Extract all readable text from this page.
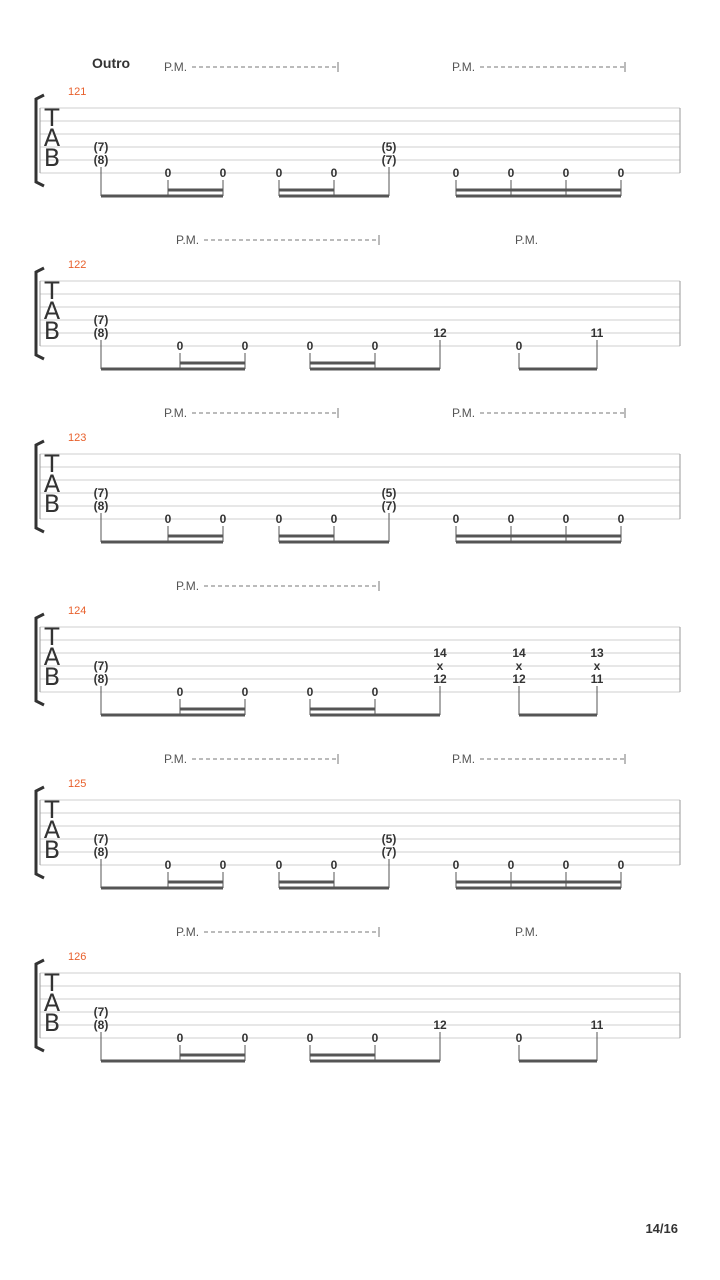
Outro
121
T
A
B
P.M.	P.M.
(7)
(8)
0	0	0	0
(5)
(7)
0	0	0	0
122
T
A
B
P.M.	P.M.
(7)
(8)
0	0	0	0
12
0
11
123
T
A
B
P.M.	P.M.
(7)
(8)
0	0	0	0
(5)
(7)
0	0	0	0
124
T
A
B
P.M.
(7)
(8)
0	0	0	0
14
x
12
14
x
12
13
x
11
125
T
A
B
P.M.	P.M.
(7)
(8)
0	0	0	0
(5)
(7)
0	0	0	0
126
T
A
B
P.M.	P.M.
(7)
(8)
0	0	0	0
12
0
11
14/16
